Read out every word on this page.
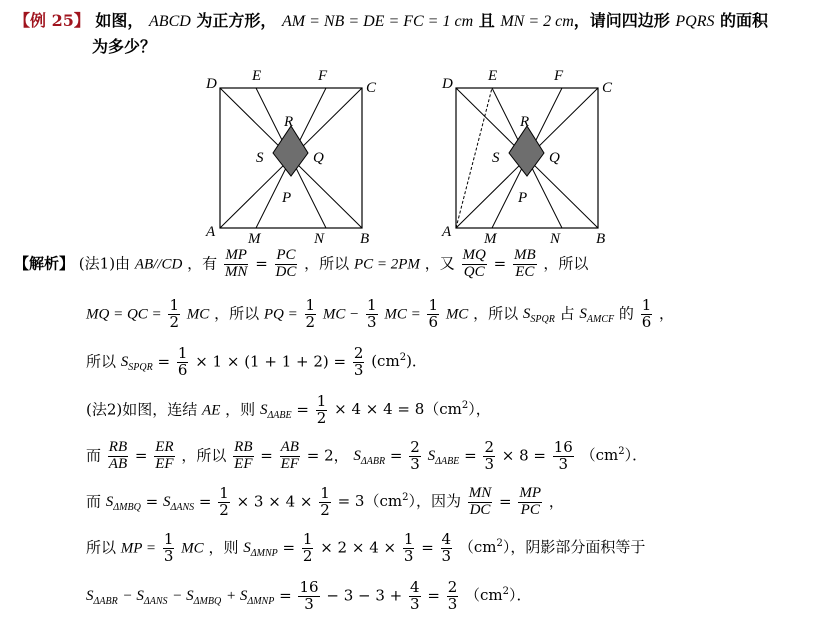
【例 25】 如图， ABCD 为正方形， AM = NB = DE = FC = 1 cm 且 MN = 2 cm，请问四边形 PQRS 的面积
为多少？
D E	F
C
R
S	Q
P
A M	N B
D E	F
C
R
S	Q
P
A M	N B
【解析】 (法1)由 AB//CD ，有 $\frac{MP}{MN} = \frac{PC}{DC}$ ，所以 PC = 2PM ，又 $\frac{MQ}{QC} = \frac{MB}{EC}$ ，所以
MQ = QC = $\frac{1}{2}$ MC ，所以 PQ = $\frac{1}{2}$ MC − $\frac{1}{3}$ MC = $\frac{1}{6}$ MC ，所以 $S_{SPQR}$ 占 $S_{AMCF}$ 的 $\frac{1}{6}$ ，
所以 $S_{SPQR} = \frac{1}{6} \times 1 \times (1 + 1 + 2) = \frac{2}{3} (cm^2)$．
(法2)如图，连结 AE ，则 $S_{\Delta ABE} = \frac{1}{2} \times 4 \times 4 = 8(cm^2)$，
而 $\frac{RB}{AB} = \frac{ER}{EF}$ ，所以 $\frac{RB}{EF} = \frac{AB}{EF} = 2$， $S_{\Delta ABR} = \frac{2}{3} S_{\Delta ABE} = \frac{2}{3} \times 8 = \frac{16}{3} (cm^2)$．
而 $S_{\Delta MBQ} = S_{\Delta ANS} = \frac{1}{2} \times 3 \times 4 \times \frac{1}{2} = 3(cm^2)$，因为 $\frac{MN}{DC} = \frac{MP}{PC}$ ，
所以 MP = $\frac{1}{3}$ MC ，则 $S_{\Delta MNP} = \frac{1}{2} \times 2 \times 4 \times \frac{1}{3} = \frac{4}{3} (cm^2)$，阴影部分面积等于
$S_{\Delta ABR} - S_{\Delta ANS} - S_{\Delta MBQ} + S_{\Delta MNP} = \frac{16}{3} - 3 - 3 + \frac{4}{3} = \frac{2}{3} (cm^2)$．
